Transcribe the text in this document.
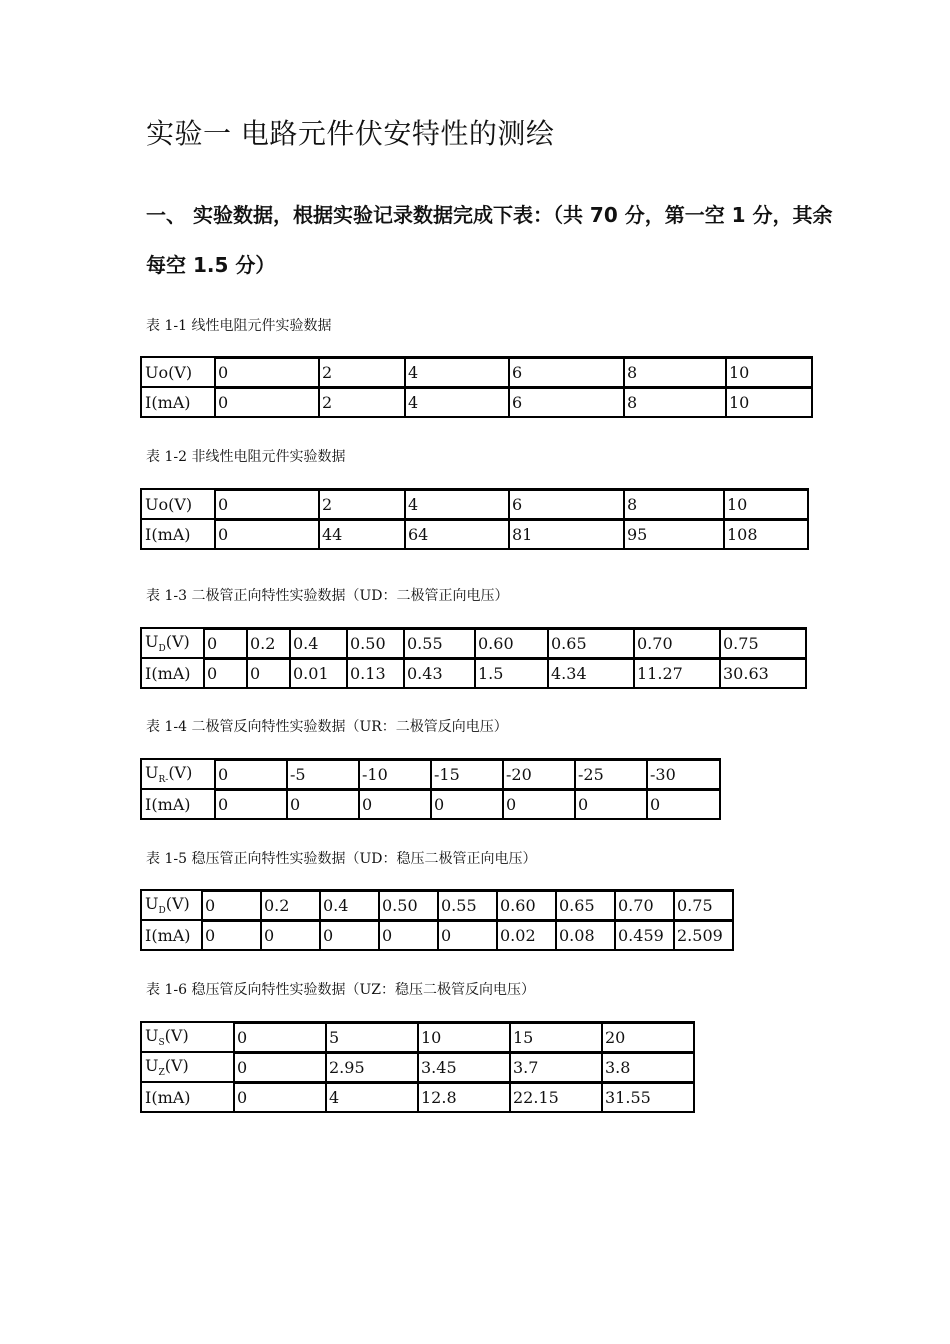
实验一 电路元件伏安特性的测绘
一、 实验数据，根据实验记录数据完成下表：（共 70 分，第一空 1 分，其余每空 1.5 分）
表 1-1 线性电阻元件实验数据
Uo(V)	0	2	4	6	8	10
I(mA)	0	2	4	6	8	10
表 1-2 非线性电阻元件实验数据
Uo(V)	0	2	4	6	8	10
I(mA)	0	44	64	81	95	108
表 1-3 二极管正向特性实验数据（UD：二极管正向电压）
$U_D(V)$	0	0.2	0.4	0.50	0.55	0.60	0.65	0.70	0.75
I(mA)	0	0	0.01	0.13	0.43	1.5	4.34	11.27	30.63
表 1-4 二极管反向特性实验数据（UR：二极管反向电压）
$U_{R-}(V)$	0	-5	-10	-15	-20	-25	-30
I(mA)	0	0	0	0	0	0	0
表 1-5 稳压管正向特性实验数据（UD：稳压二极管正向电压）
$U_D(V)$	0	0.2	0.4	0.50	0.55	0.60	0.65	0.70	0.75
I(mA)	0	0	0	0	0	0.02	0.08	0.459	2.509
表 1-6 稳压管反向特性实验数据（UZ：稳压二极管反向电压）
$U_S(V)$	0	5	10	15	20
$U_Z(V)$	0	2.95	3.45	3.7	3.8
I(mA)	0	4	12.8	22.15	31.55
